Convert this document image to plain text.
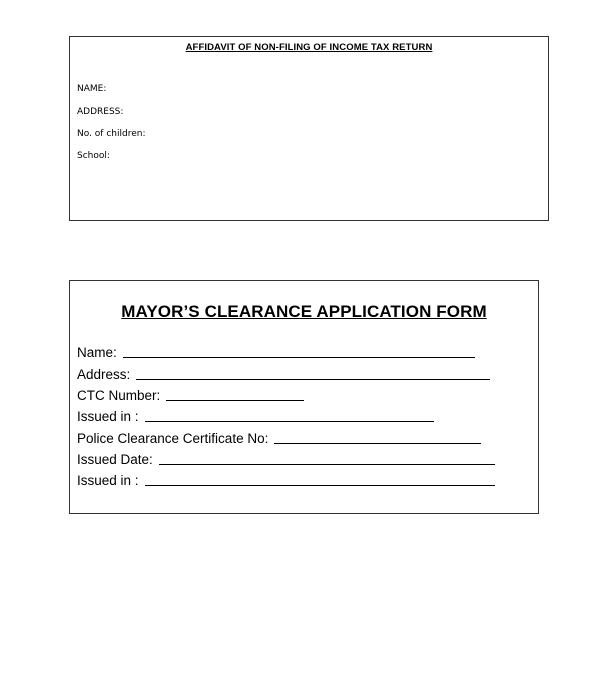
AFFIDAVIT OF NON-FILING OF INCOME TAX RETURN
NAME:
ADDRESS:
No. of children:
School:
MAYOR’S CLEARANCE APPLICATION FORM
Name:
Address:
CTC Number:
Issued in :
Police Clearance Certificate No:
Issued Date:
Issued in :
